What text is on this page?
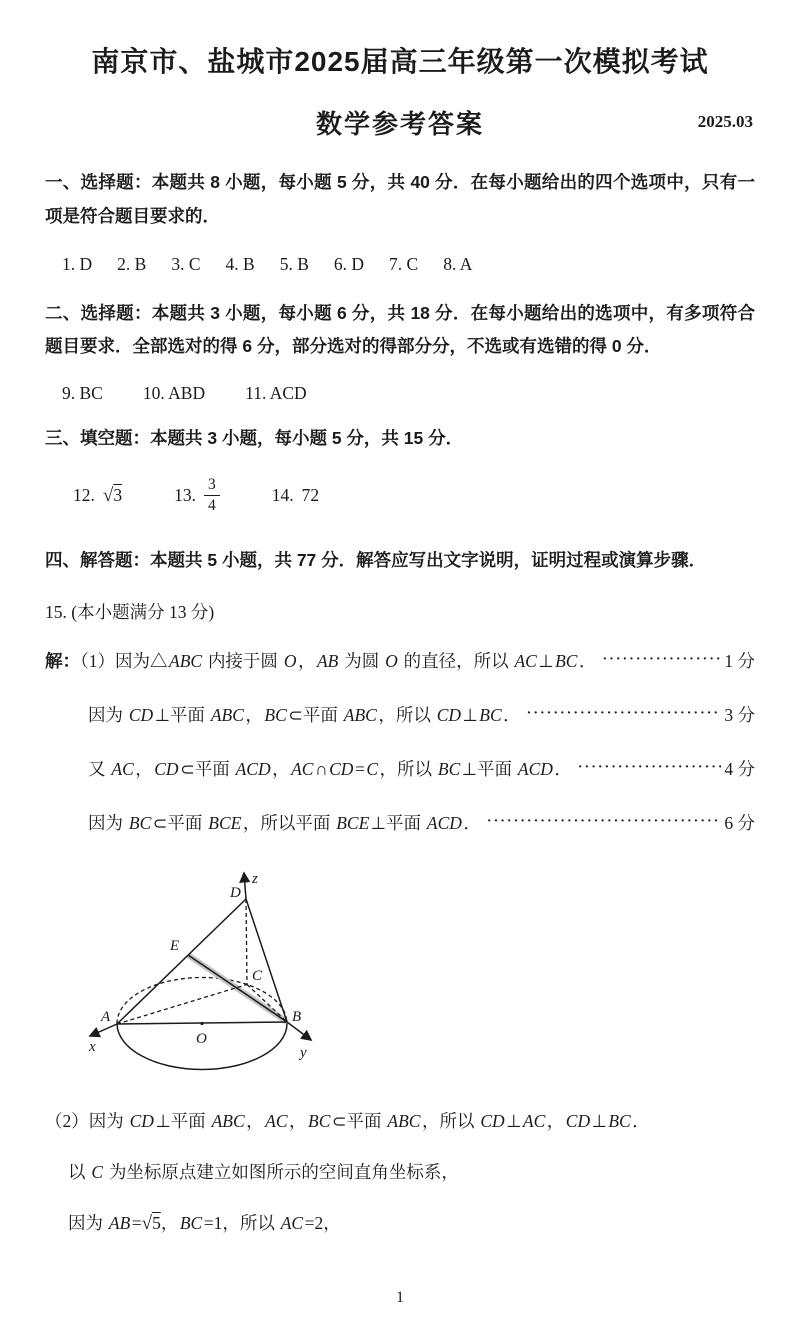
南京市、盐城市2025届高三年级第一次模拟考试
数学参考答案	2025.03
一、选择题：本题共 8 小题，每小题 5 分，共 40 分．在每小题给出的四个选项中，只有一项是符合题目要求的．
1. D 2. B 3. C 4. B 5. B 6. D 7. C 8. A
二、选择题：本题共 3 小题，每小题 6 分，共 18 分．在每小题给出的选项中，有多项符合题目要求．全部选对的得 6 分，部分选对的得部分分，不选或有选错的得 0 分．
9. BC 10. ABD 11. ACD
三、填空题：本题共 3 小题，每小题 5 分，共 15 分．
12. √3	13. $\frac{3}{4}$	14. 72
四、解答题：本题共 5 小题，共 77 分．解答应写出文字说明，证明过程或演算步骤．
15. (本小题满分 13 分)
解：（1）因为△ABC 内接于圆 O，AB 为圆 O 的直径，所以 AC⊥BC． ·····	1 分
因为 CD⊥平面 ABC，BC⊂平面 ABC，所以 CD⊥BC． ·····	3 分
又 AC，CD⊂平面 ACD，AC∩CD=C，所以 BC⊥平面 ACD． ·····	4 分
因为 BC⊂平面 BCE，所以平面 BCE⊥平面 ACD． ·····	6 分
A	B
C
D
E
O
x	y
z
（2）因为 CD⊥平面 ABC，AC，BC⊂平面 ABC，所以 CD⊥AC，CD⊥BC．
以 C 为坐标原点建立如图所示的空间直角坐标系，
因为 AB=√5，BC=1，所以 AC=2，
1
